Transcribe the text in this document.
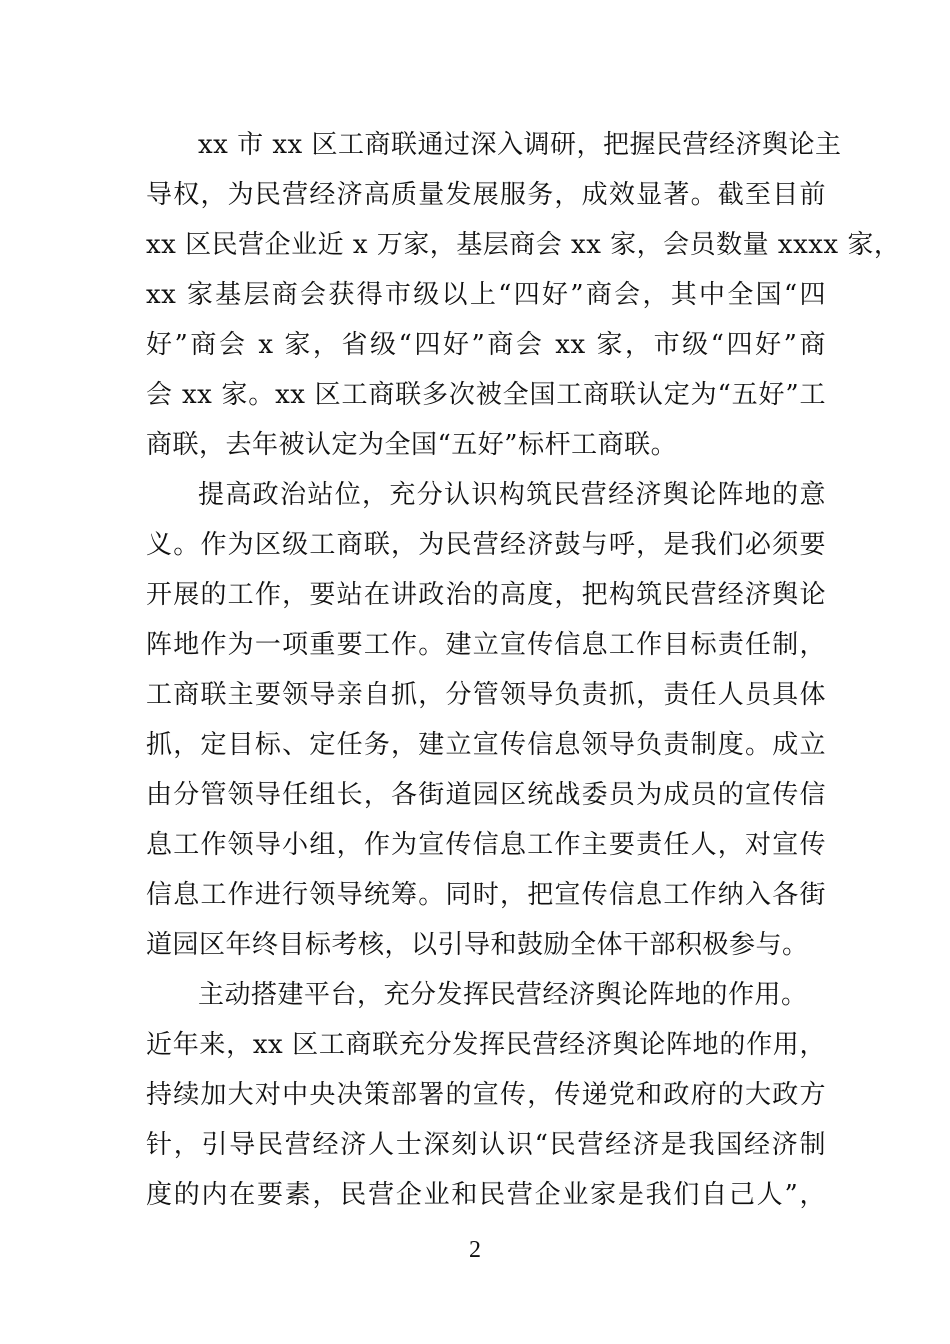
xx 市 xx 区工商联通过深入调研，把握民营经济舆论主
导权，为民营经济高质量发展服务，成效显著。截至目前
xx 区民营企业近 x 万家，基层商会 xx 家，会员数量 xxxx 家，
xx 家基层商会获得市级以上“四好”商会，其中全国“四
好”商会 x 家，省级“四好”商会 xx 家，市级“四好”商
会 xx 家。xx 区工商联多次被全国工商联认定为“五好”工
商联，去年被认定为全国“五好”标杆工商联。
提高政治站位，充分认识构筑民营经济舆论阵地的意
义。作为区级工商联，为民营经济鼓与呼，是我们必须要
开展的工作，要站在讲政治的高度，把构筑民营经济舆论
阵地作为一项重要工作。建立宣传信息工作目标责任制，
工商联主要领导亲自抓，分管领导负责抓，责任人员具体
抓，定目标、定任务，建立宣传信息领导负责制度。成立
由分管领导任组长，各街道园区统战委员为成员的宣传信
息工作领导小组，作为宣传信息工作主要责任人，对宣传
信息工作进行领导统筹。同时，把宣传信息工作纳入各街
道园区年终目标考核，以引导和鼓励全体干部积极参与。
主动搭建平台，充分发挥民营经济舆论阵地的作用。
近年来，xx 区工商联充分发挥民营经济舆论阵地的作用，
持续加大对中央决策部署的宣传，传递党和政府的大政方
针，引导民营经济人士深刻认识“民营经济是我国经济制
度的内在要素，民营企业和民营企业家是我们自己人”，
2
